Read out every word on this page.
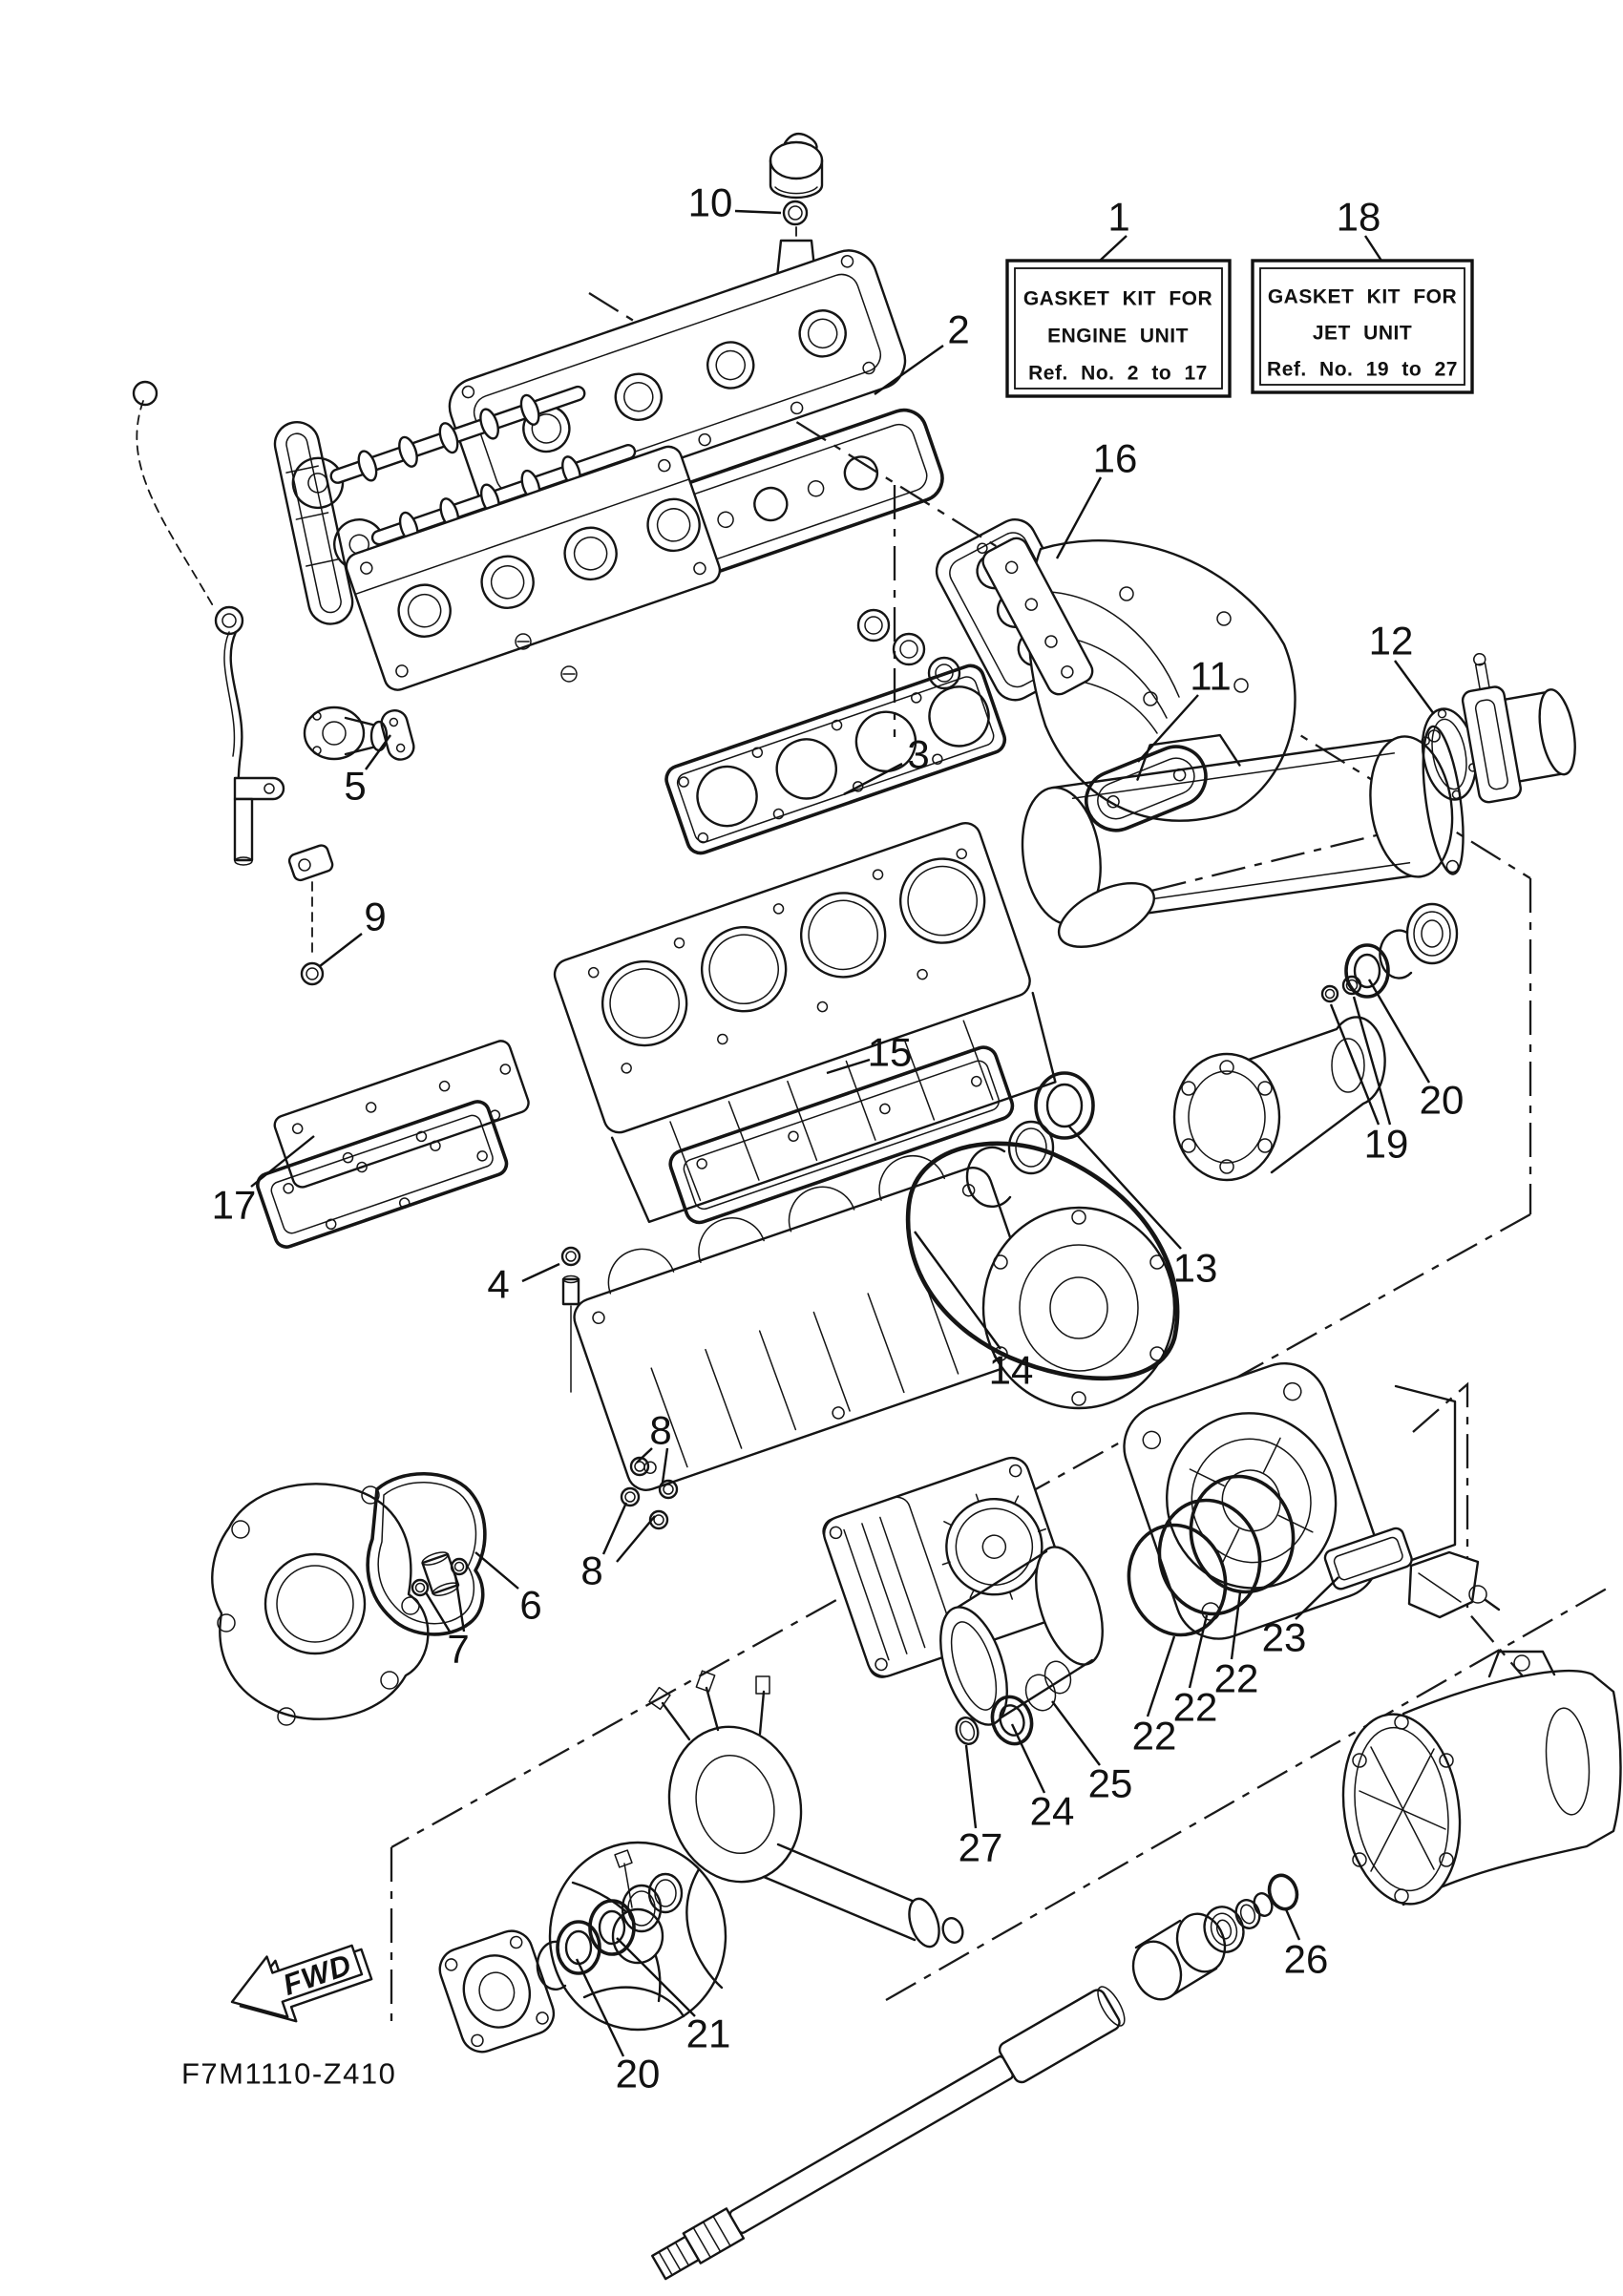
GASKET KIT FOR
ENGINE UNIT
Ref. No. 2 to 17
GASKET KIT FOR
JET UNIT
Ref. No. 19 to 27
FWD
F7M1110-Z410
10	1	18
2
16
12
11
5
3
9
15
20
19
17
13
4
14
8
8
6
7	23
22
22
22
25
24
27
26
21
20
